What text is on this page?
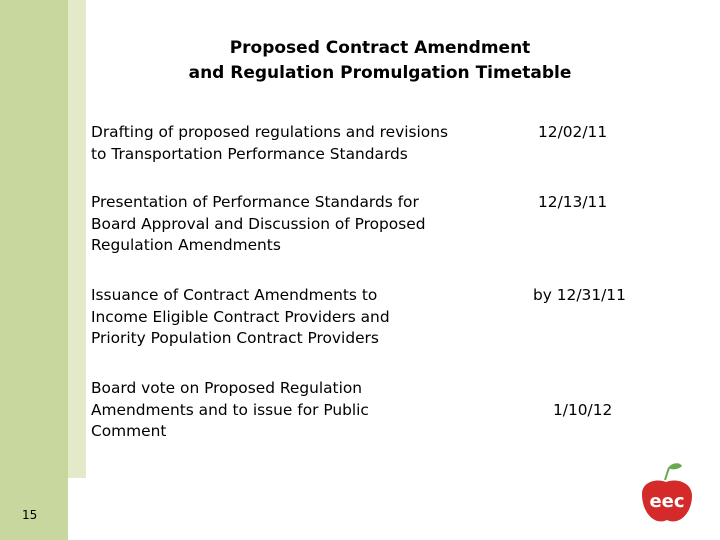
Proposed Contract Amendment
and Regulation Promulgation Timetable
Drafting of proposed regulations and revisions
to Transportation Performance Standards
12/02/11
Presentation of Performance Standards for
Board Approval and Discussion of Proposed
Regulation Amendments
12/13/11
Issuance of Contract Amendments to
Income Eligible Contract Providers and
Priority Population Contract Providers
by 12/31/11
Board vote on Proposed Regulation
Amendments and to issue for Public
Comment
1/10/12
15
eec
